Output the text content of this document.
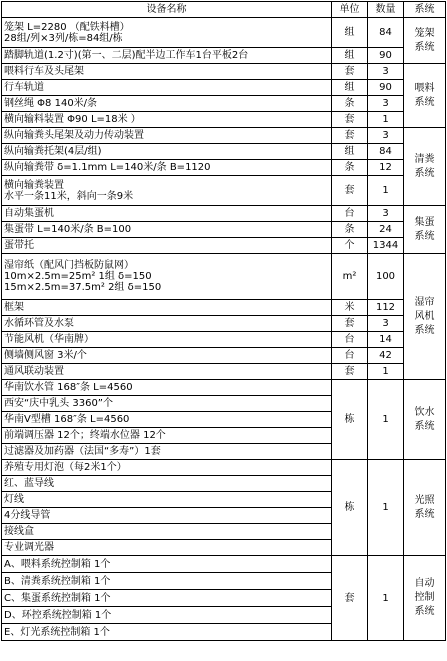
设备名称	单位	数量	系统

笼架 L=2280 （配铁料槽）
28组/列×3列/栋=84组/栋	组	84	笼架
系统

踏脚轨道(1.2寸)(第一、二层)配半边工作车1台平板2台	组	90	

喂料行车及头尾架	套	3	喂料
系统

行车轨道	组	90	

钢丝绳 Φ8 140米/条	条	3	

横向输料装置 Φ90 L=18米 ）	套	1	

纵向输粪头尾架及动力传动装置	套	3	清粪
系统

纵向输粪托架(4层/组)	组	84	

纵向输粪带 δ=1.1mm L=140米/条 B=1120	条	12	

横向输粪装置
水平一条11米，斜向一条9米	套	1	

自动集蛋机	台	3	集蛋
系统

集蛋带 L=140米/条 B=100	条	24	

蛋带托	个	1344	

湿帘纸（配风门挡板防鼠网）
10m×2.5m=25m² 1组 δ=150
15m×2.5m=37.5m² 2组 δ=150	m²	100	湿帘
风机
系统

框架	米	112	

水循环管及水泵	套	3	

节能风机（华南牌）	台	14	

侧墙侧风窗 3米/个	台	42	

通风联动装置	套	1	
华南饮水管 168″条 L=4560	栋	1	饮水
系统

西安“庆中乳头 3360”个			
华南V型槽 168″条 L=4560			
前端调压器 12个；终端水位器 12个			
过滤器及加药器（法国“多寿”）1套			
养殖专用灯泡（每2米1个）	栋	1	光照
系统

红、蓝导线			
灯线			
4分线导管			
接线盒			
专业调光器			
A、喂料系统控制箱 1个	套	1	自动
控制
系统

B、清粪系统控制箱 1个			
C、集蛋系统控制箱 1个			
D、环控系统控制箱 1个			
E、灯光系统控制箱 1个			
